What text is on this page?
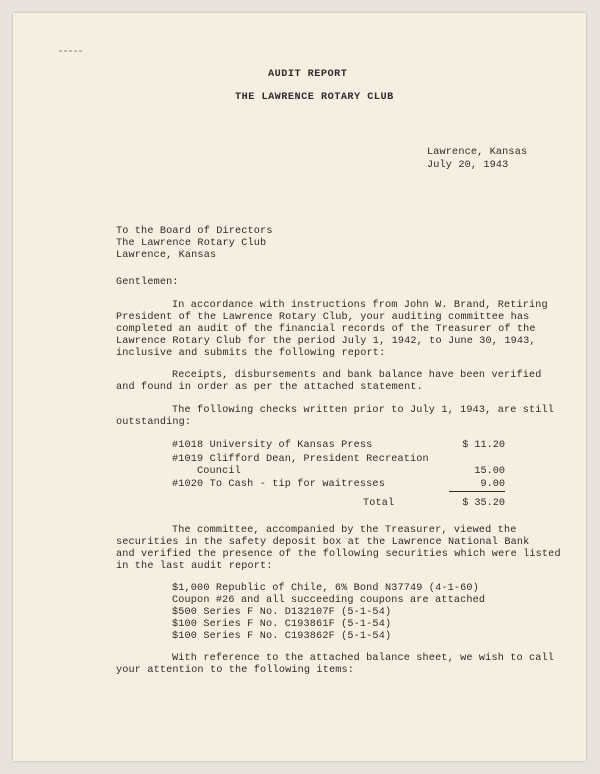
AUDIT REPORT
THE LAWRENCE ROTARY CLUB
Lawrence, Kansas
July 20, 1943
To the Board of Directors
The Lawrence Rotary Club
Lawrence, Kansas
Gentlemen:
In accordance with instructions from John W. Brand, Retiring
President of the Lawrence Rotary Club, your auditing committee has
completed an audit of the financial records of the Treasurer of the
Lawrence Rotary Club for the period July 1, 1942, to June 30, 1943,
inclusive and submits the following report:
Receipts, disbursements and bank balance have been verified
and found in order as per the attached statement.
The following checks written prior to July 1, 1943, are still
outstanding:
#1018 University of Kansas Press	$ 11.20
#1019 Clifford Dean, President Recreation
Council	15.00
#1020 To Cash - tip for waitresses	9.00
Total	$ 35.20
The committee, accompanied by the Treasurer, viewed the
securities in the safety deposit box at the Lawrence National Bank
and verified the presence of the following securities which were listed
in the last audit report:
$1,000 Republic of Chile, 6% Bond N37749 (4-1-60)
Coupon #26 and all succeeding coupons are attached
$500 Series F No. D132107F (5-1-54)
$100 Series F No. C193861F (5-1-54)
$100 Series F No. C193862F (5-1-54)
With reference to the attached balance sheet, we wish to call
your attention to the following items:
